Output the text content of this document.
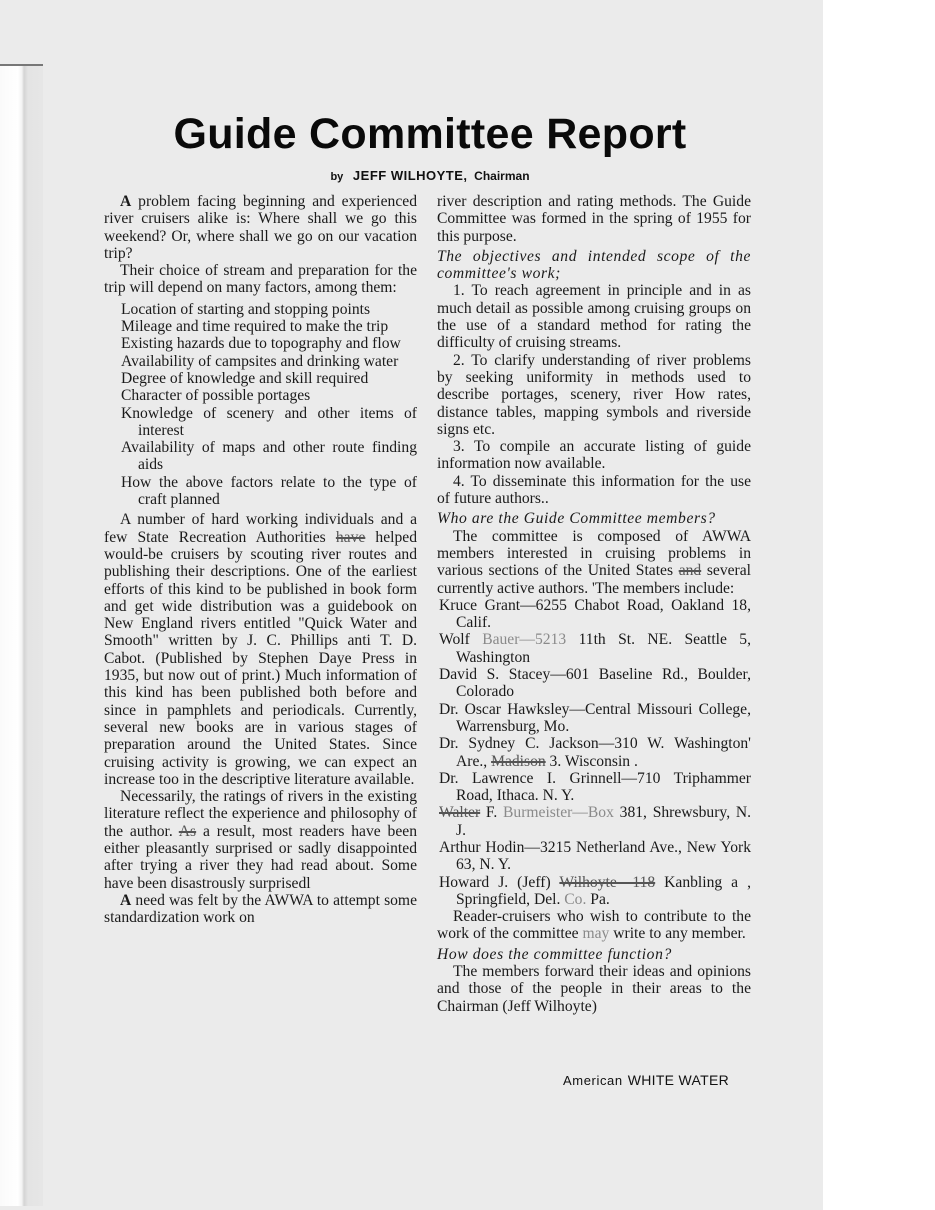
Guide Committee Report
by JEFF WILHOYTE, Chairman

A problem facing beginning and experienced river cruisers alike is: Where shall we go this weekend? Or, where shall we go on our vacation trip?

Their choice of stream and preparation for the trip will depend on many factors, among them:

Location of starting and stopping points
Mileage and time required to make the trip
Existing hazards due to topography and flow
Availability of campsites and drinking water
Degree of knowledge and skill required
Character of possible portages
Knowledge of scenery and other items of interest
Availability of maps and other route finding aids
How the above factors relate to the type of craft planned

A number of hard working individuals and a few State Recreation Authorities have helped would-be cruisers by scouting river routes and publishing their descriptions. One of the earliest efforts of this kind to be published in book form and get wide distribution was a guidebook on New England rivers entitled "Quick Water and Smooth" written by J. C. Phillips anti T. D. Cabot. (Published by Stephen Daye Press in 1935, but now out of print.) Much information of this kind has been published both before and since in pamphlets and periodicals. Currently, several new books are in various stages of preparation around the United States. Since cruising activity is growing, we can expect an increase too in the descriptive literature available.

Necessarily, the ratings of rivers in the existing literature reflect the experience and philosophy of the author. As a result, most readers have been either pleasantly surprised or sadly disappointed after trying a river they had read about. Some have been disastrously surprisedl

A need was felt by the AWWA to attempt some standardization work on

river description and rating methods. The Guide Committee was formed in the spring of 1955 for this purpose.

The objectives and intended scope of the committee's work;

1. To reach agreement in principle and in as much detail as possible among cruising groups on the use of a standard method for rating the difficulty of cruising streams.

2. To clarify understanding of river problems by seeking uniformity in methods used to describe portages, scenery, river How rates, distance tables, mapping symbols and riverside signs etc.

3. To compile an accurate listing of guide information now available.

4. To disseminate this information for the use of future authors..

Who are the Guide Committee members?

The committee is composed of AWWA members interested in cruising problems in various sections of the United States and several currently active authors. 'The members include:

Kruce Grant—6255 Chabot Road, Oakland 18, Calif.

Wolf Bauer—5213 11th St. NE. Seattle 5, Washington

David S. Stacey—601 Baseline Rd., Boulder, Colorado

Dr. Oscar Hawksley—Central Missouri College, Warrensburg, Mo.

Dr. Sydney C. Jackson—310 W. Washington' Are., Madison 3. Wisconsin .

Dr. Lawrence I. Grinnell—710 Triphammer Road, Ithaca. N. Y.

Walter F. Burmeister—Box 381, Shrewsbury, N. J.

Arthur Hodin—3215 Netherland Ave., New York 63, N. Y.

Howard J. (Jeff) Wilhoyte—118 Kanbling a , Springfield, Del. Co. Pa.

Reader-cruisers who wish to contribute to the work of the committee may write to any member.

How does the committee function?

The members forward their ideas and opinions and those of the people in their areas to the Chairman (Jeff Wilhoyte)

American WHITE WATER
